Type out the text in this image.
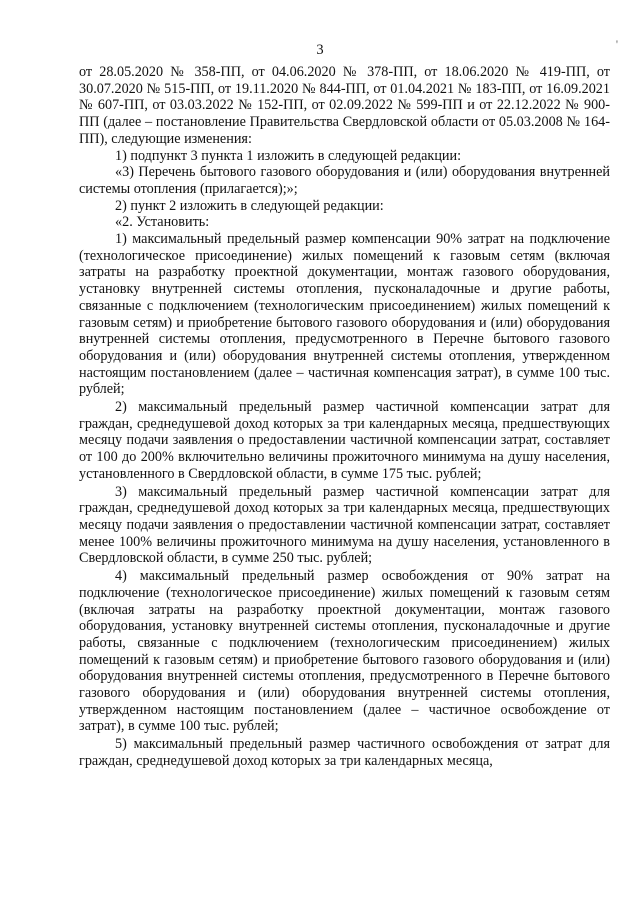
3	'

от 28.05.2020 № 358-ПП, от 04.06.2020 № 378-ПП, от 18.06.2020 № 419-ПП, от 30.07.2020 № 515-ПП, от 19.11.2020 № 844-ПП, от 01.04.2021 № 183-ПП, от 16.09.2021 № 607-ПП, от 03.03.2022 № 152-ПП, от 02.09.2022 № 599-ПП и от 22.12.2022 № 900-ПП (далее – постановление Правительства Свердловской области от 05.03.2008 № 164-ПП), следующие изменения:

1) подпункт 3 пункта 1 изложить в следующей редакции:

«3) Перечень бытового газового оборудования и (или) оборудования внутренней системы отопления (прилагается);»;

2) пункт 2 изложить в следующей редакции:

«2. Установить:

1) максимальный предельный размер компенсации 90% затрат на подключение (технологическое присоединение) жилых помещений к газовым сетям (включая затраты на разработку проектной документации, монтаж газового оборудования, установку внутренней системы отопления, пусконаладочные и другие работы, связанные с подключением (технологическим присоединением) жилых помещений к газовым сетям) и приобретение бытового газового оборудования и (или) оборудования внутренней системы отопления, предусмотренного в Перечне бытового газового оборудования и (или) оборудования внутренней системы отопления, утвержденном настоящим постановлением (далее – частичная компенсация затрат), в сумме 100 тыс. рублей;

2) максимальный предельный размер частичной компенсации затрат для граждан, среднедушевой доход которых за три календарных месяца, предшествующих месяцу подачи заявления о предоставлении частичной компенсации затрат, составляет от 100 до 200% включительно величины прожиточного минимума на душу населения, установленного в Свердловской области, в сумме 175 тыс. рублей;

3) максимальный предельный размер частичной компенсации затрат для граждан, среднедушевой доход которых за три календарных месяца, предшествующих месяцу подачи заявления о предоставлении частичной компенсации затрат, составляет менее 100% величины прожиточного минимума на душу населения, установленного в Свердловской области, в сумме 250 тыс. рублей;

4) максимальный предельный размер освобождения от 90% затрат на подключение (технологическое присоединение) жилых помещений к газовым сетям (включая затраты на разработку проектной документации, монтаж газового оборудования, установку внутренней системы отопления, пусконаладочные и другие работы, связанные с подключением (технологическим присоединением) жилых помещений к газовым сетям) и приобретение бытового газового оборудования и (или) оборудования внутренней системы отопления, предусмотренного в Перечне бытового газового оборудования и (или) оборудования внутренней системы отопления, утвержденном настоящим постановлением (далее – частичное освобождение от затрат), в сумме 100 тыс. рублей;

5) максимальный предельный размер частичного освобождения от затрат для граждан, среднедушевой доход которых за три календарных месяца,
